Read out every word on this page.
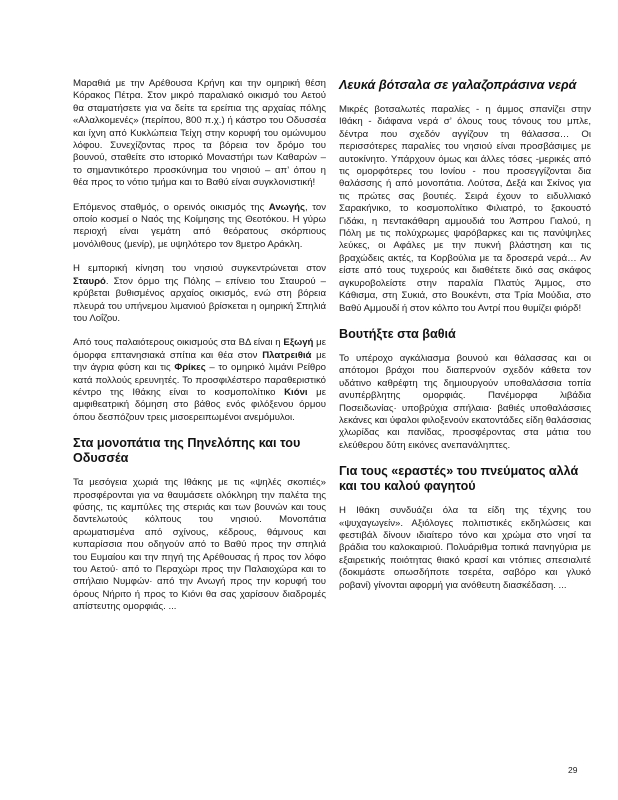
Μαραθιά με την Αρέθουσα Κρήνη και την ομηρική θέση Κόρακος Πέτρα. Στον μικρό παραλιακό οικισμό του Αετού θα σταματήσετε για να δείτε τα ερείπια της αρχαίας πόλης «Αλαλκομενές» (περίπου, 800 π.χ.) ή κάστρο του Οδυσσέα και ίχνη από Κυκλώπεια Τείχη στην κορυφή του ομώνυμου λόφου. Συνεχίζοντας προς τα βόρεια τον δρόμο του βουνού, σταθείτε στο ιστορικό Μοναστήρι των Καθαρών – το σημαντικότερο προσκύνημα του νησιού – απ’ όπου η θέα προς το νότιο τμήμα και το Βαθύ είναι συγκλονιστική!

Επόμενος σταθμός, ο ορεινός οικισμός της Ανωγής, τον οποίο κοσμεί ο Ναός της Κοίμησης της Θεοτόκου. Η γύρω περιοχή είναι γεμάτη από θεόρατους σκόρπιους μονόλιθους (μενίρ), με υψηλότερο τον 8μετρο Αράκλη.

Η εμπορική κίνηση του νησιού συγκεντρώνεται στον Σταυρό. Στον όρμο της Πόλης – επίνειο του Σταυρού – κρύβεται βυθισμένος αρχαίος οικισμός, ενώ στη βόρεια πλευρά του υπήνεμου λιμανιού βρίσκεται η ομηρική Σπηλιά του Λοΐζου.

Από τους παλαιότερους οικισμούς στα ΒΔ είναι η Εξωγή με όμορφα επτανησιακά σπίτια και θέα στον Πλατρειθιά με την άγρια φύση και τις Φρίκες – το ομηρικό λιμάνι Ρείθρο κατά πολλούς ερευνητές. Το προσφιλέστερο παραθεριστικό κέντρο της Ιθάκης είναι το κοσμοπολίτικο Κιόνι με αμφιθεατρική δόμηση στο βάθος ενός φιλόξενου όρμου όπου δεσπόζουν τρεις μισοερειπωμένοι ανεμόμυλοι.

Στα μονοπάτια της Πηνελόπης και του Οδυσσέα

Τα μεσόγεια χωριά της Ιθάκης με τις «ψηλές σκοπιές» προσφέρονται για να θαυμάσετε ολόκληρη την παλέτα της φύσης, τις καμπύλες της στεριάς και των βουνών και τους δαντελωτούς κόλπους του νησιού. Μονοπάτια αρωματισμένα από σχίνους, κέδρους, θάμνους και κυπαρίσσια που οδηγούν από το Βαθύ προς την σπηλιά του Ευμαίου και την πηγή της Αρέθουσας ή προς τον λόφο του Αετού· από το Περαχώρι προς την Παλαιοχώρα και το σπήλαιο Νυμφών· από την Ανωγή προς την κορυφή του όρους Νήριτο ή προς το Κιόνι θα σας χαρίσουν διαδρομές απίστευτης ομορφιάς. ...

Λευκά βότσαλα σε γαλαζοπράσινα νερά

Μικρές βοτσαλωτές παραλίες - η άμμος σπανίζει στην Ιθάκη - διάφανα νερά σ’ όλους τους τόνους του μπλε, δέντρα που σχεδόν αγγίζουν τη θάλασσα… Οι περισσότερες παραλίες του νησιού είναι προσβάσιμες με αυτοκίνητο. Υπάρχουν όμως και άλλες τόσες -μερικές από τις ομορφότερες του Ιονίου - που προσεγγίζονται δια θαλάσσης ή από μονοπάτια. Λούτσα, Δεξά και Σκίνος για τις πρώτες σας βουτιές. Σειρά έχουν το ειδυλλιακό Σαρακήνικο, το κοσμοπολίτικο Φιλιατρό, το ξακουστό Γιδάκι, η πεντακάθαρη αμμουδιά του Άσπρου Γιαλού, η Πόλη με τις πολύχρωμες ψαρόβαρκες και τις πανύψηλες λεύκες, οι Αφάλες με την πυκνή βλάστηση και τις βραχώδεις ακτές, τα Κορβούλια με τα δροσερά νερά… Αν είστε από τους τυχερούς και διαθέτετε δικό σας σκάφος αγκυροβολείστε στην παραλία Πλατύς Άμμος, στο Κάθισμα, στη Συκιά, στο Βουκέντι, στα Τρία Μούδια, στο Βαθύ Αμμουδί ή στον κόλπο του Αντρί που θυμίζει φιόρδ!

Βουτήξτε στα βαθιά

Το υπέροχο αγκάλιασμα βουνού και θάλασσας και οι απότομοι βράχοι που διαπερνούν σχεδόν κάθετα τον υδάτινο καθρέφτη της δημιουργούν υποθαλάσσια τοπία ανυπέρβλητης ομορφιάς. Πανέμορφα λιβάδια Ποσειδωνίας· υποβρύχια σπήλαια· βαθιές υποθαλάσσιες λεκάνες και ύφαλοι φιλοξενούν εκατοντάδες είδη θαλάσσιας χλωρίδας και πανίδας, προσφέροντας στα μάτια του ελεύθερου δύτη εικόνες ανεπανάληπτες.

Για τους «εραστές» του πνεύματος αλλά και του καλού φαγητού

Η Ιθάκη συνδυάζει όλα τα είδη της τέχνης του «ψυχαγωγείν». Αξιόλογες πολιτιστικές εκδηλώσεις και φεστιβάλ δίνουν ιδιαίτερο τόνο και χρώμα στο νησί τα βράδια του καλοκαιριού. Πολυάριθμα τοπικά πανηγύρια με εξαιρετικής ποιότητας θιακό κρασί και ντόπιες σπεσιαλιτέ (δοκιμάστε οπωσδήποτε τσερέτα, σαβόρο και γλυκό ροβανί) γίνονται αφορμή για ανόθευτη διασκέδαση. ...

29
